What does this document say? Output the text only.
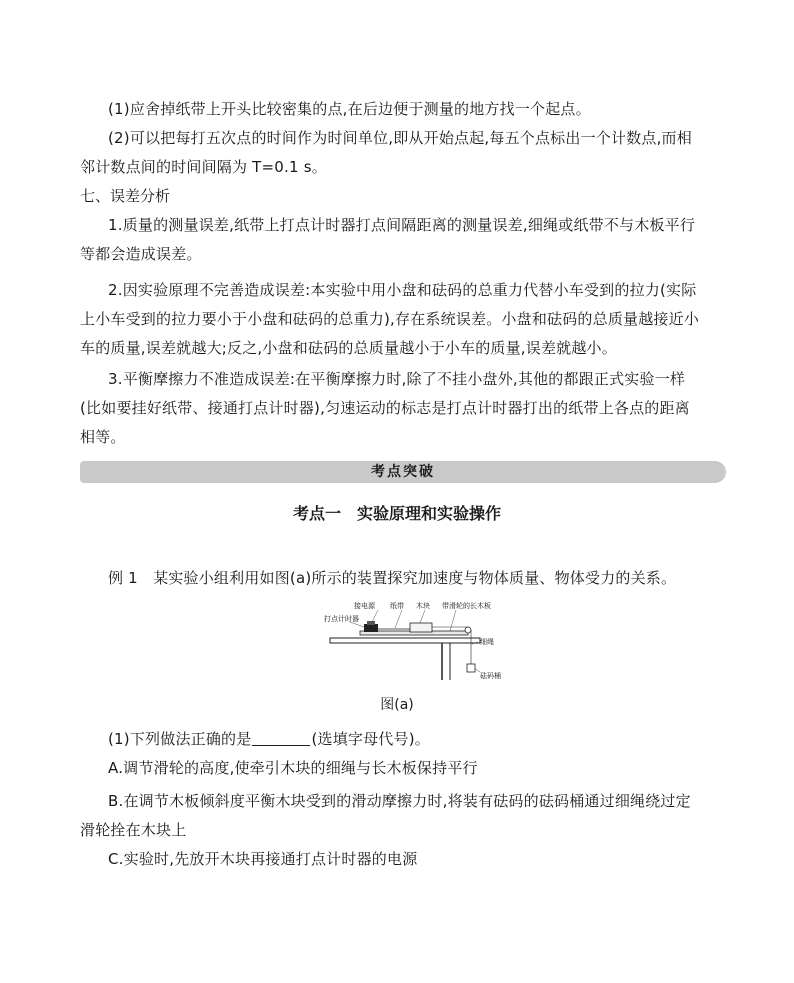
(1)应舍掉纸带上开头比较密集的点,在后边便于测量的地方找一个起点。
(2)可以把每打五次点的时间作为时间单位,即从开始点起,每五个点标出一个计数点,而相
邻计数点间的时间间隔为 T=0.1 s。
七、误差分析
1.质量的测量误差,纸带上打点计时器打点间隔距离的测量误差,细绳或纸带不与木板平行
等都会造成误差。
2.因实验原理不完善造成误差:本实验中用小盘和砝码的总重力代替小车受到的拉力(实际
上小车受到的拉力要小于小盘和砝码的总重力),存在系统误差。小盘和砝码的总质量越接近小
车的质量,误差就越大;反之,小盘和砝码的总质量越小于小车的质量,误差就越小。
3.平衡摩擦力不准造成误差:在平衡摩擦力时,除了不挂小盘外,其他的都跟正式实验一样
(比如要挂好纸带、接通打点计时器),匀速运动的标志是打点计时器打出的纸带上各点的距离
相等。
考点突破
考点一　实验原理和实验操作
例 1　某实验小组利用如图(a)所示的装置探究加速度与物体质量、物体受力的关系。
接电源 纸带 木块 带滑轮的长木板
打点计时器
细绳
砝码桶
图(a)
(1)下列做法正确的是	(选填字母代号)。
A.调节滑轮的高度,使牵引木块的细绳与长木板保持平行
B.在调节木板倾斜度平衡木块受到的滑动摩擦力时,将装有砝码的砝码桶通过细绳绕过定
滑轮拴在木块上
C.实验时,先放开木块再接通打点计时器的电源
